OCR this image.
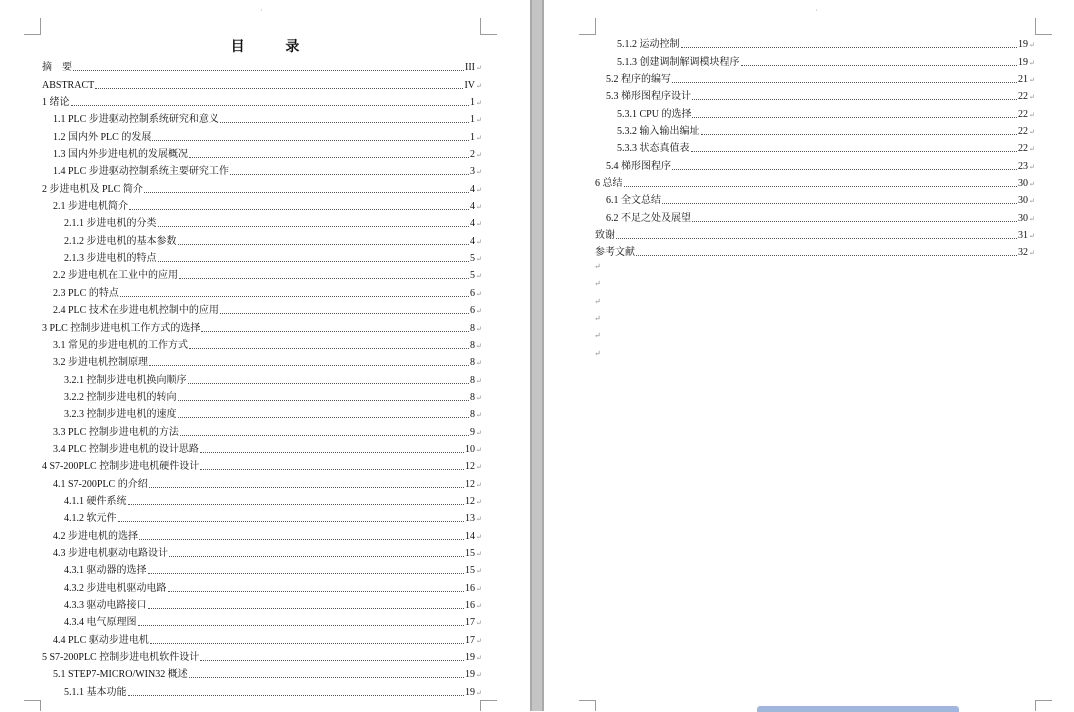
˙
目 录
摘　要	III ↵
ABSTRACT	IV ↵
1 绪论	1 ↵
1.1 PLC 步进驱动控制系统研究和意义	1 ↵
1.2 国内外 PLC 的发展	1 ↵
1.3 国内外步进电机的发展概况	2 ↵
1.4 PLC 步进驱动控制系统主要研究工作	3 ↵
2 步进电机及 PLC 简介	4 ↵
2.1 步进电机简介	4 ↵
2.1.1 步进电机的分类	4 ↵
2.1.2 步进电机的基本参数	4 ↵
2.1.3 步进电机的特点	5 ↵
2.2 步进电机在工业中的应用	5 ↵
2.3 PLC 的特点	6 ↵
2.4 PLC 技术在步进电机控制中的应用	6 ↵
3 PLC 控制步进电机工作方式的选择	8 ↵
3.1 常见的步进电机的工作方式	8 ↵
3.2 步进电机控制原理	8 ↵
3.2.1 控制步进电机换向顺序	8 ↵
3.2.2 控制步进电机的转向	8 ↵
3.2.3 控制步进电机的速度	8 ↵
3.3 PLC 控制步进电机的方法	9 ↵
3.4 PLC 控制步进电机的设计思路	10 ↵
4 S7-200PLC 控制步进电机硬件设计	12 ↵
4.1 S7-200PLC 的介绍	12 ↵
4.1.1 硬件系统	12 ↵
4.1.2 软元件	13 ↵
4.2 步进电机的选择	14 ↵
4.3 步进电机驱动电路设计	15 ↵
4.3.1 驱动器的选择	15 ↵
4.3.2 步进电机驱动电路	16 ↵
4.3.3 驱动电路接口	16 ↵
4.3.4 电气原理图	17 ↵
4.4 PLC 驱动步进电机	17 ↵
5 S7-200PLC 控制步进电机软件设计	19 ↵
5.1 STEP7-MICRO/WIN32 概述	19 ↵
5.1.1 基本功能	19 ↵
˙
5.1.2 运动控制	19 ↵
5.1.3 创建调制解调模块程序	19 ↵
5.2 程序的编写	21 ↵
5.3 梯形图程序设计	22 ↵
5.3.1 CPU 的选择	22 ↵
5.3.2 输入输出编址	22 ↵
5.3.3 状态真值表	22 ↵
5.4 梯形图程序	23 ↵
6 总结	30 ↵
6.1 全文总结	30 ↵
6.2 不足之处及展望	30 ↵
致谢	31 ↵
参考文献	32 ↵
↵
↵
↵
↵
↵
↵
